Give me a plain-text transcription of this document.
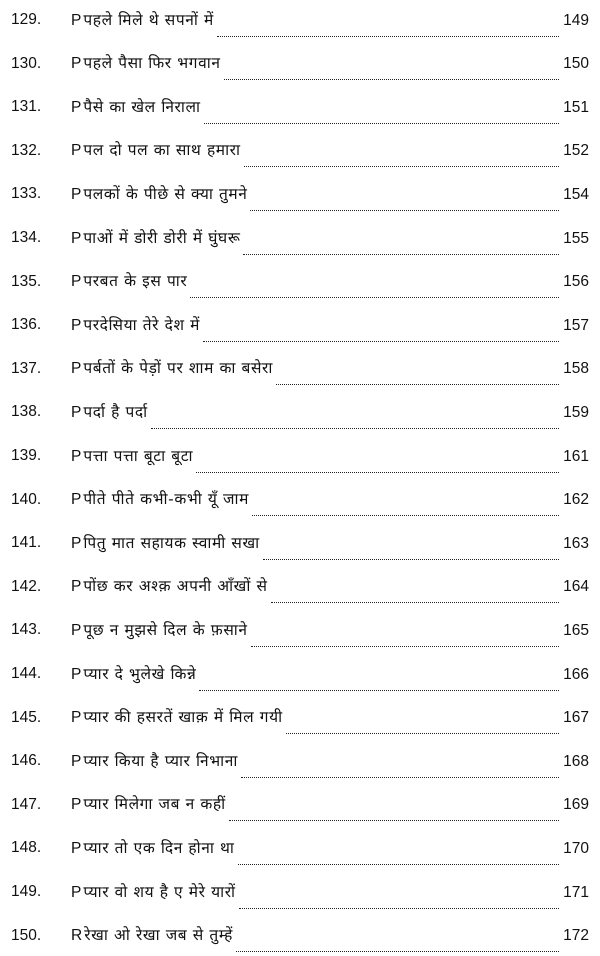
129.	P पहले मिले थे सपनों में	149
130.	P पहले पैसा फिर भगवान	150
131.	P पैसे का खेल निराला	151
132.	P पल दो पल का साथ हमारा	152
133.	P पलकों के पीछे से क्या तुमने	154
134.	P पाओं में डोरी डोरी में घुंघरू	155
135.	P परबत के इस पार	156
136.	P परदेसिया तेरे देश में	157
137.	P पर्बतों के पेड़ों पर शाम का बसेरा	158
138.	P पर्दा है पर्दा	159
139.	P पत्ता पत्ता बूटा बूटा	161
140.	P पीते पीते कभी-कभी यूँ जाम	162
141.	P पितु मात सहायक स्वामी सखा	163
142.	P पोंछ कर अश्क़ अपनी आँखों से	164
143.	P पूछ न मुझसे दिल के फ़साने	165
144.	P प्यार दे भुलेखे किन्ने	166
145.	P प्यार की हसरतें खाक़ में मिल गयी	167
146.	P प्यार किया है प्यार निभाना	168
147.	P प्यार मिलेगा जब न कहीं	169
148.	P प्यार तो एक दिन होना था	170
149.	P प्यार वो शय है ए मेरे यारों	171
150.	R रेखा ओ रेखा जब से तुम्हें	172
